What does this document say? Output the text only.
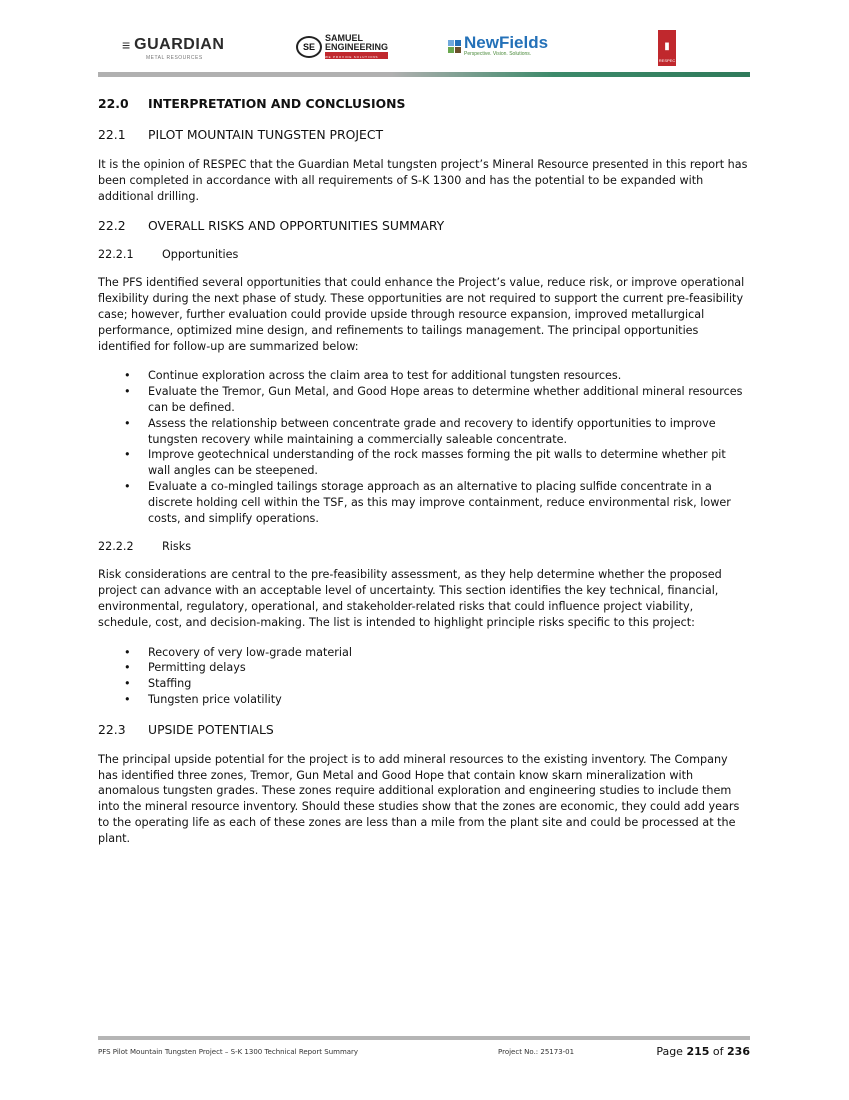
≡ GUARDIAN
METAL RESOURCES
SE
SAMUEL
ENGINEERING
WE PROVIDE SOLUTIONS
NewFields
Perspective. Vision. Solutions.
▮
RESPEC
22.0 INTERPRETATION AND CONCLUSIONS
22.1 PILOT MOUNTAIN TUNGSTEN PROJECT

It is the opinion of RESPEC that the Guardian Metal tungsten project’s Mineral Resource presented in this report has been completed in accordance with all requirements of S-K 1300 and has the potential to be expanded with additional drilling.

22.2 OVERALL RISKS AND OPPORTUNITIES SUMMARY
22.2.1	Opportunities

The PFS identified several opportunities that could enhance the Project’s value, reduce risk, or improve operational flexibility during the next phase of study. These opportunities are not required to support the current pre-feasibility case; however, further evaluation could provide upside through resource expansion, improved metallurgical performance, optimized mine design, and refinements to tailings management. The principal opportunities identified for follow-up are summarized below:

• Continue exploration across the claim area to test for additional tungsten resources.
• Evaluate the Tremor, Gun Metal, and Good Hope areas to determine whether additional mineral resources can be defined.
• Assess the relationship between concentrate grade and recovery to identify opportunities to improve tungsten recovery while maintaining a commercially saleable concentrate.
• Improve geotechnical understanding of the rock masses forming the pit walls to determine whether pit wall angles can be steepened.
• Evaluate a co-mingled tailings storage approach as an alternative to placing sulfide concentrate in a discrete holding cell within the TSF, as this may improve containment, reduce environmental risk, lower costs, and simplify operations.
22.2.2	Risks

Risk considerations are central to the pre-feasibility assessment, as they help determine whether the proposed project can advance with an acceptable level of uncertainty. This section identifies the key technical, financial, environmental, regulatory, operational, and stakeholder-related risks that could influence project viability, schedule, cost, and decision-making. The list is intended to highlight principle risks specific to this project:

• Recovery of very low-grade material
• Permitting delays
• Staffing
• Tungsten price volatility
22.3 UPSIDE POTENTIALS

The principal upside potential for the project is to add mineral resources to the existing inventory. The Company has identified three zones, Tremor, Gun Metal and Good Hope that contain know skarn mineralization with anomalous tungsten grades. These zones require additional exploration and engineering studies to include them into the mineral resource inventory. Should these studies show that the zones are economic, they could add years to the operating life as each of these zones are less than a mile from the plant site and could be processed at the plant.

PFS Pilot Mountain Tungsten Project – S-K 1300 Technical Report Summary	Project No.: 25173-01	Page 215 of 236
